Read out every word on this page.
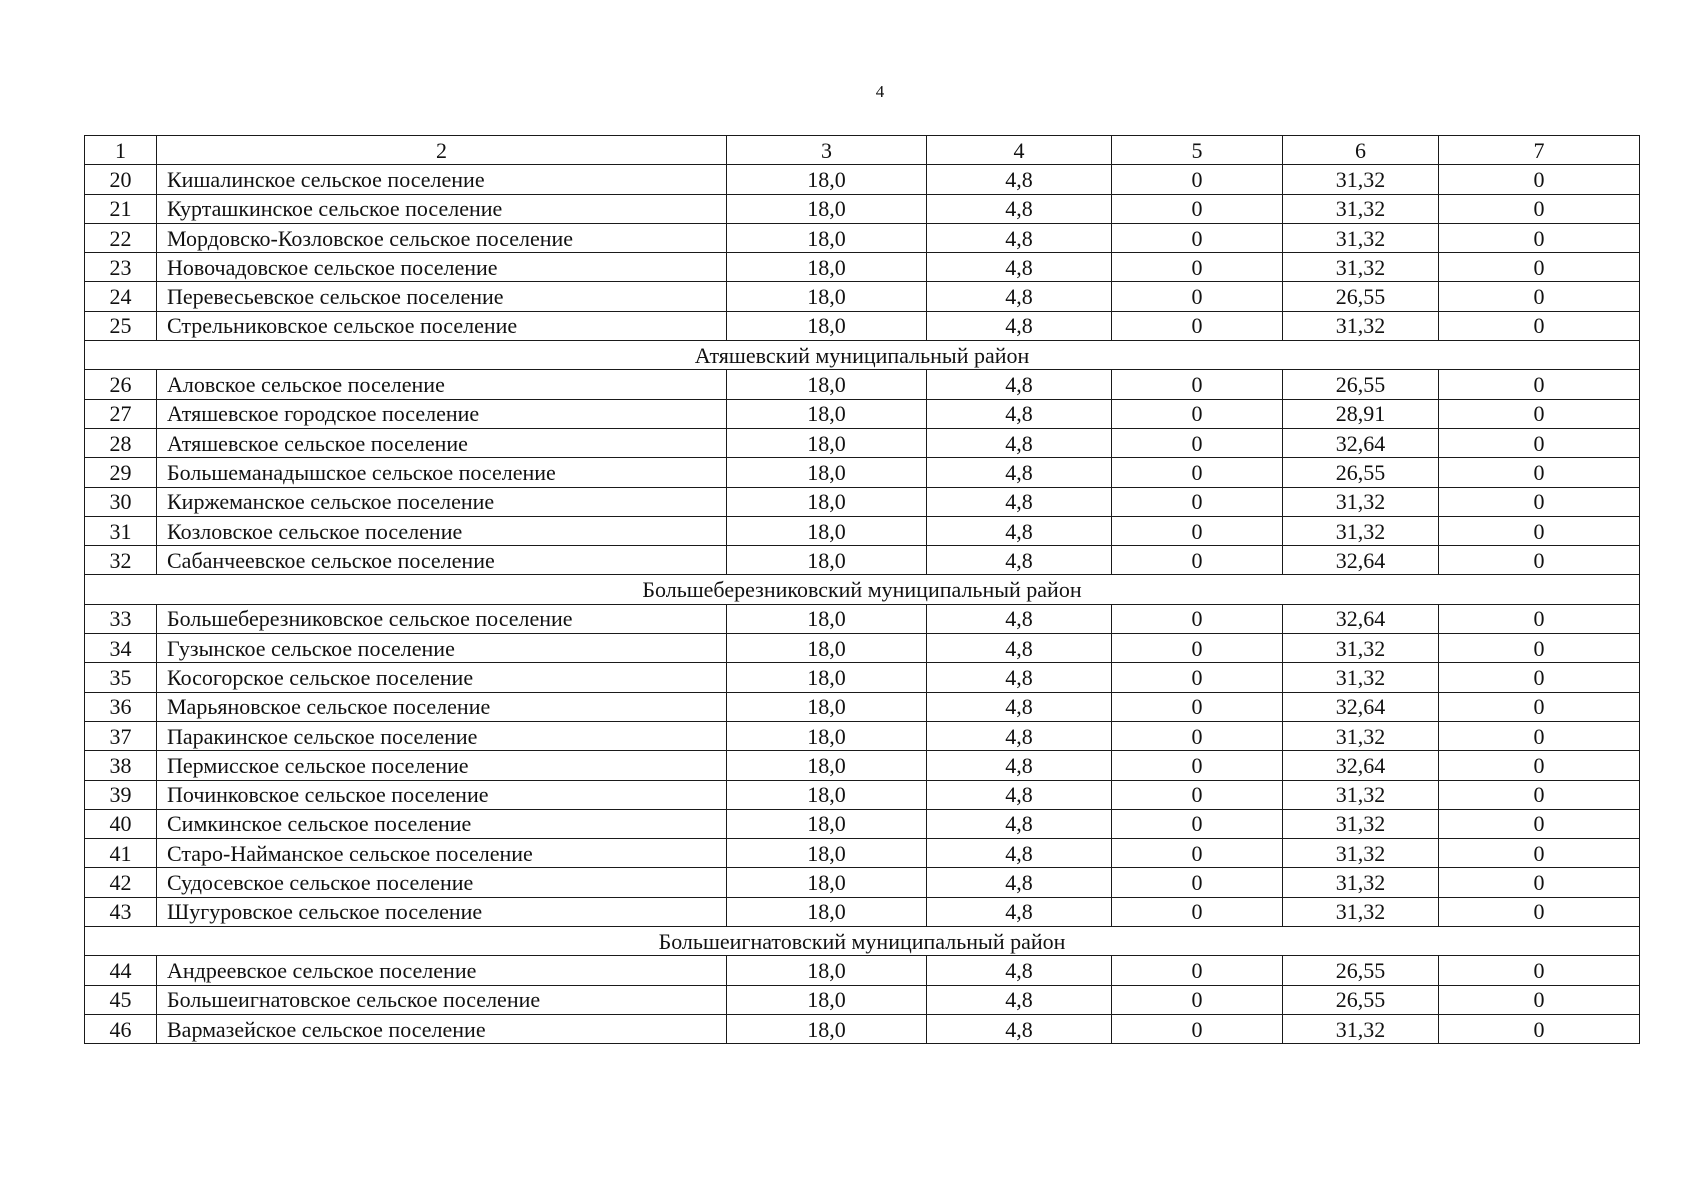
4
1	2	3	4	5	6	7
20	Кишалинское сельское поселение	18,0	4,8	0	31,32	0
21	Курташкинское сельское поселение	18,0	4,8	0	31,32	0
22	Мордовско-Козловское сельское поселение	18,0	4,8	0	31,32	0
23	Новочадовское сельское поселение	18,0	4,8	0	31,32	0
24	Перевесьевское сельское поселение	18,0	4,8	0	26,55	0
25	Стрельниковское сельское поселение	18,0	4,8	0	31,32	0
Атяшевский муниципальный район						
26	Аловское сельское поселение	18,0	4,8	0	26,55	0
27	Атяшевское городское поселение	18,0	4,8	0	28,91	0
28	Атяшевское сельское поселение	18,0	4,8	0	32,64	0
29	Большеманадышское сельское поселение	18,0	4,8	0	26,55	0
30	Киржеманское сельское поселение	18,0	4,8	0	31,32	0
31	Козловское сельское поселение	18,0	4,8	0	31,32	0
32	Сабанчеевское сельское поселение	18,0	4,8	0	32,64	0
Большеберезниковский муниципальный район						
33	Большеберезниковское сельское поселение	18,0	4,8	0	32,64	0
34	Гузынское сельское поселение	18,0	4,8	0	31,32	0
35	Косогорское сельское поселение	18,0	4,8	0	31,32	0
36	Марьяновское сельское поселение	18,0	4,8	0	32,64	0
37	Паракинское сельское поселение	18,0	4,8	0	31,32	0
38	Пермисское сельское поселение	18,0	4,8	0	32,64	0
39	Починковское сельское поселение	18,0	4,8	0	31,32	0
40	Симкинское сельское поселение	18,0	4,8	0	31,32	0
41	Старо-Найманское сельское поселение	18,0	4,8	0	31,32	0
42	Судосевское сельское поселение	18,0	4,8	0	31,32	0
43	Шугуровское сельское поселение	18,0	4,8	0	31,32	0
Большеигнатовский муниципальный район						
44	Андреевское сельское поселение	18,0	4,8	0	26,55	0
45	Большеигнатовское сельское поселение	18,0	4,8	0	26,55	0
46	Вармазейское сельское поселение	18,0	4,8	0	31,32	0
